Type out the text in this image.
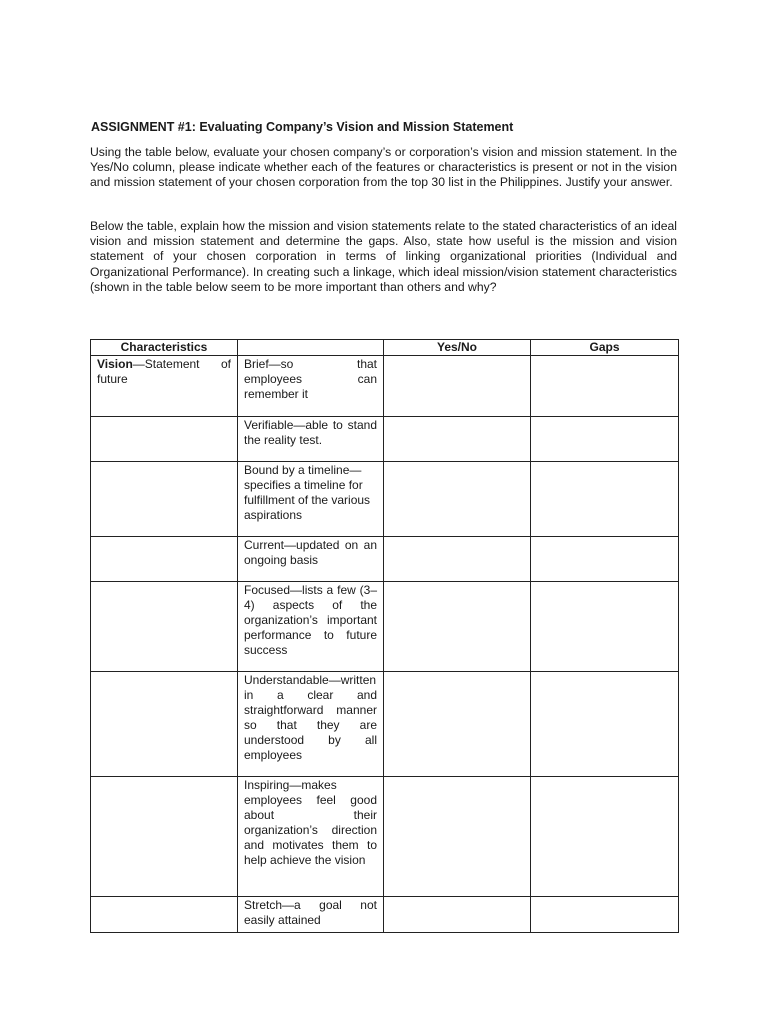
ASSIGNMENT #1: Evaluating Company’s Vision and Mission Statement

Using the table below, evaluate your chosen company’s or corporation’s vision and mission statement. In the Yes/No column, please indicate whether each of the features or characteristics is present or not in the vision and mission statement of your chosen corporation from the top 30 list in the Philippines. Justify your answer.

Below the table, explain how the mission and vision statements relate to the stated characteristics of an ideal vision and mission statement and determine the gaps. Also, state how useful is the mission and vision statement of your chosen corporation in terms of linking organizational priorities (Individual and Organizational Performance). In creating such a linkage, which ideal mission/vision statement characteristics (shown in the table below seem to be more important than others and why?

Characteristics		Yes/No	Gaps
Vision—Statement of future	Brief—so that employees can remember it		
	Verifiable—able to stand the reality test.		
	Bound by a timeline—specifies a timeline for fulfillment of the various aspirations		
	Current—updated on an ongoing basis		
	Focused—lists a few (3–4) aspects of the organization’s important performance to future success		
	Understandable—written in a clear and straightforward manner so that they are understood by all employees		
	Inspiring—makes employees feel good about their organization’s direction and motivates them to help achieve the vision		
	Stretch—a goal not easily attained		
